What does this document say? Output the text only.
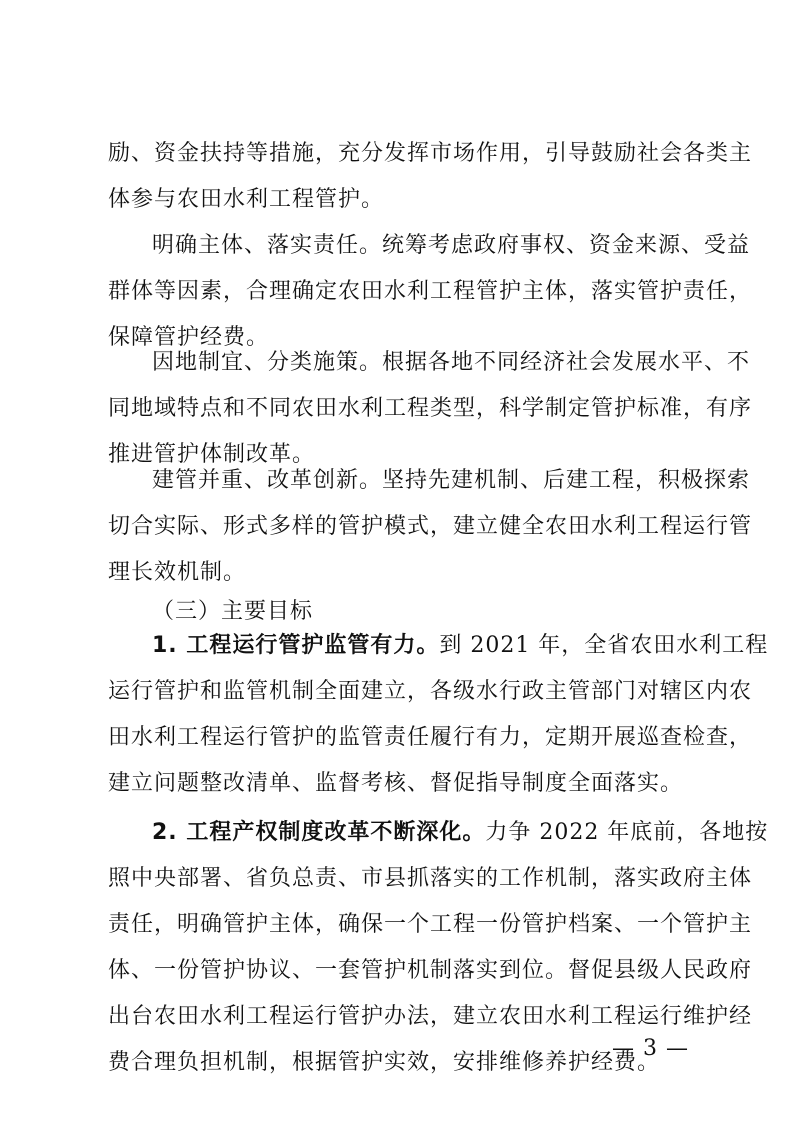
励、资金扶持等措施，充分发挥市场作用，引导鼓励社会各类主
体参与农田水利工程管护。
明确主体、落实责任。统筹考虑政府事权、资金来源、受益
群体等因素，合理确定农田水利工程管护主体，落实管护责任，
保障管护经费。
因地制宜、分类施策。根据各地不同经济社会发展水平、不
同地域特点和不同农田水利工程类型，科学制定管护标准，有序
推进管护体制改革。
建管并重、改革创新。坚持先建机制、后建工程，积极探索
切合实际、形式多样的管护模式，建立健全农田水利工程运行管
理长效机制。
（三）主要目标
1. 工程运行管护监管有力。到 2021 年，全省农田水利工程
运行管护和监管机制全面建立，各级水行政主管部门对辖区内农
田水利工程运行管护的监管责任履行有力，定期开展巡查检查，
建立问题整改清单、监督考核、督促指导制度全面落实。
2. 工程产权制度改革不断深化。力争 2022 年底前，各地按
照中央部署、省负总责、市县抓落实的工作机制，落实政府主体
责任，明确管护主体，确保一个工程一份管护档案、一个管护主
体、一份管护协议、一套管护机制落实到位。督促县级人民政府
出台农田水利工程运行管护办法，建立农田水利工程运行维护经
费合理负担机制，根据管护实效，安排维修养护经费。
— 3 —
